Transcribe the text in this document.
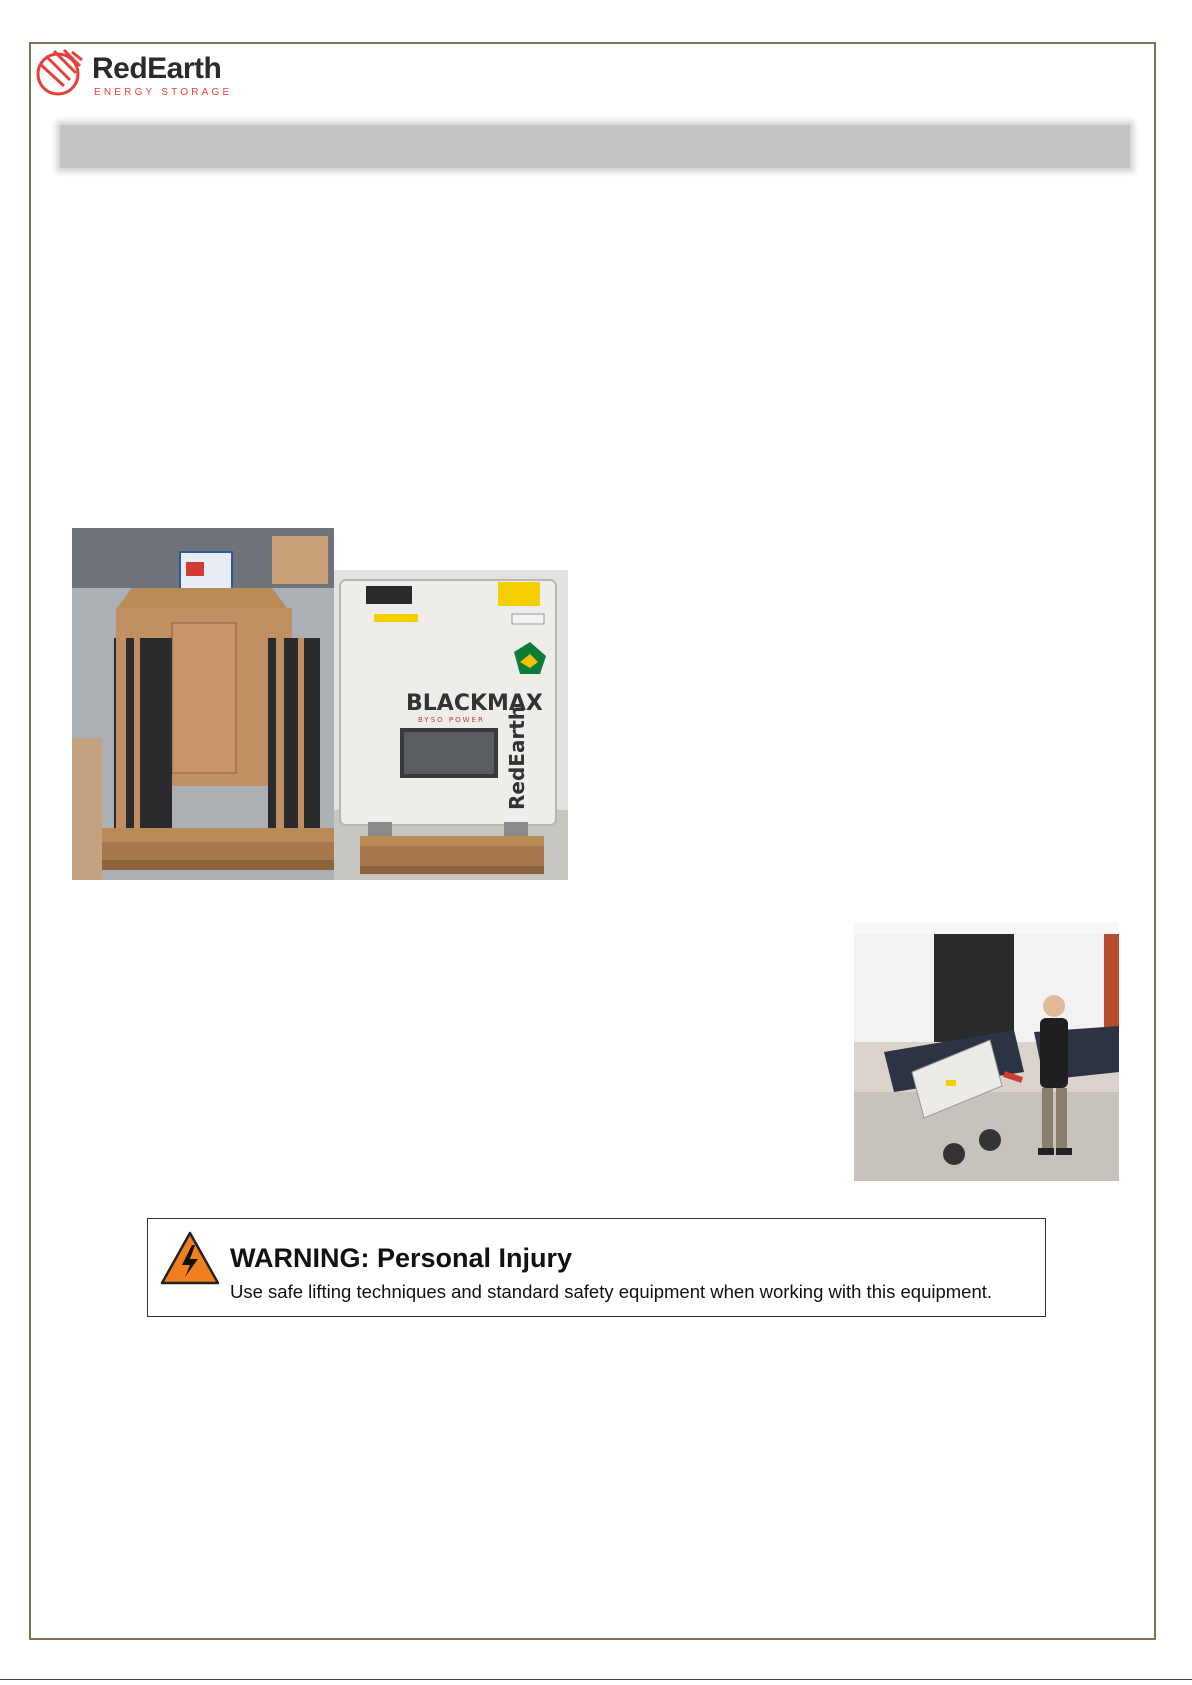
RedEarth
ENERGY STORAGE
BLACKMAX
BYSO POWER RedEarth
WARNING: Personal Injury
Use safe lifting techniques and standard safety equipment when working with this equipment.
